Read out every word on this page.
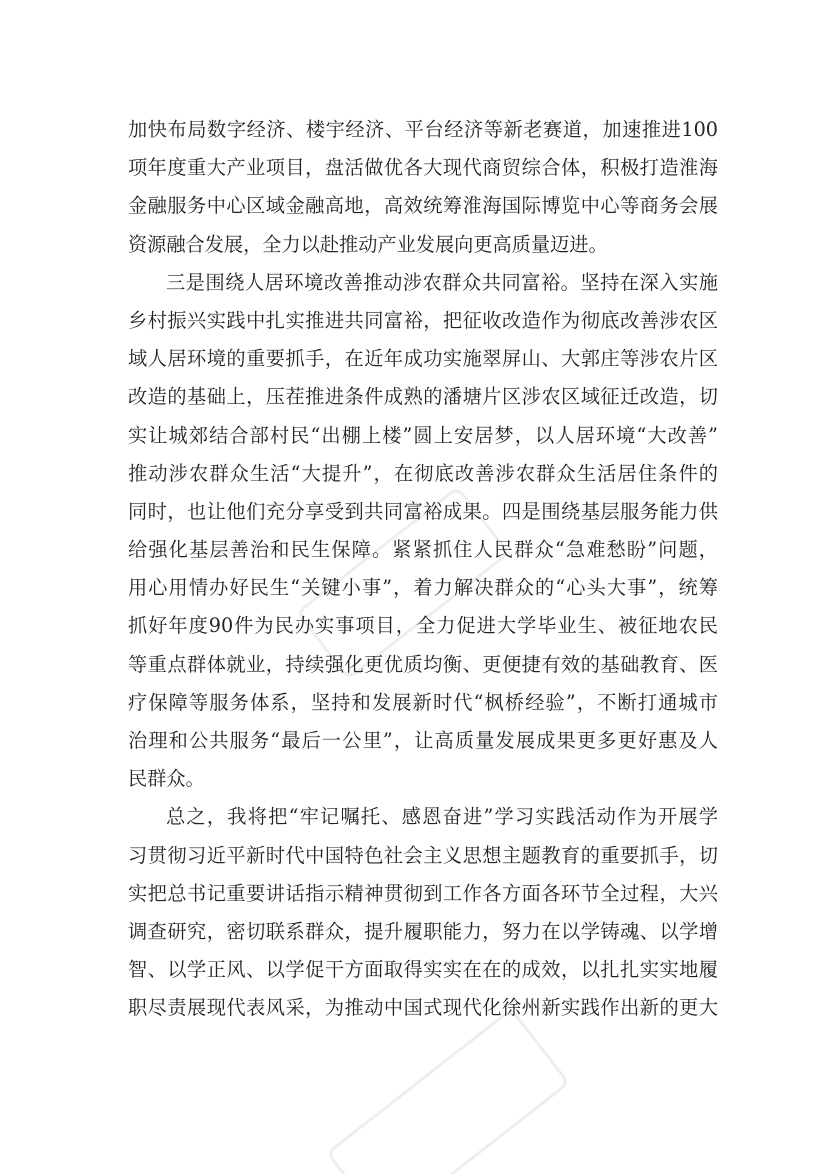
加快布局数字经济、楼宇经济、平台经济等新老赛道，加速推进100
项年度重大产业项目，盘活做优各大现代商贸综合体，积极打造淮海
金融服务中心区域金融高地，高效统筹淮海国际博览中心等商务会展
资源融合发展，全力以赴推动产业发展向更高质量迈进。
三是围绕人居环境改善推动涉农群众共同富裕。坚持在深入实施
乡村振兴实践中扎实推进共同富裕，把征收改造作为彻底改善涉农区
域人居环境的重要抓手，在近年成功实施翠屏山、大郭庄等涉农片区
改造的基础上，压茬推进条件成熟的潘塘片区涉农区域征迁改造，切
实让城郊结合部村民“出棚上楼”圆上安居梦，以人居环境“大改善”
推动涉农群众生活“大提升”，在彻底改善涉农群众生活居住条件的
同时，也让他们充分享受到共同富裕成果。四是围绕基层服务能力供
给强化基层善治和民生保障。紧紧抓住人民群众“急难愁盼”问题，
用心用情办好民生“关键小事”，着力解决群众的“心头大事”，统筹
抓好年度90件为民办实事项目，全力促进大学毕业生、被征地农民
等重点群体就业，持续强化更优质均衡、更便捷有效的基础教育、医
疗保障等服务体系，坚持和发展新时代“枫桥经验”，不断打通城市
治理和公共服务“最后一公里”，让高质量发展成果更多更好惠及人
民群众。
总之，我将把“牢记嘱托、感恩奋进”学习实践活动作为开展学
习贯彻习近平新时代中国特色社会主义思想主题教育的重要抓手，切
实把总书记重要讲话指示精神贯彻到工作各方面各环节全过程，大兴
调查研究，密切联系群众，提升履职能力，努力在以学铸魂、以学增
智、以学正风、以学促干方面取得实实在在的成效，以扎扎实实地履
职尽责展现代表风采，为推动中国式现代化徐州新实践作出新的更大
